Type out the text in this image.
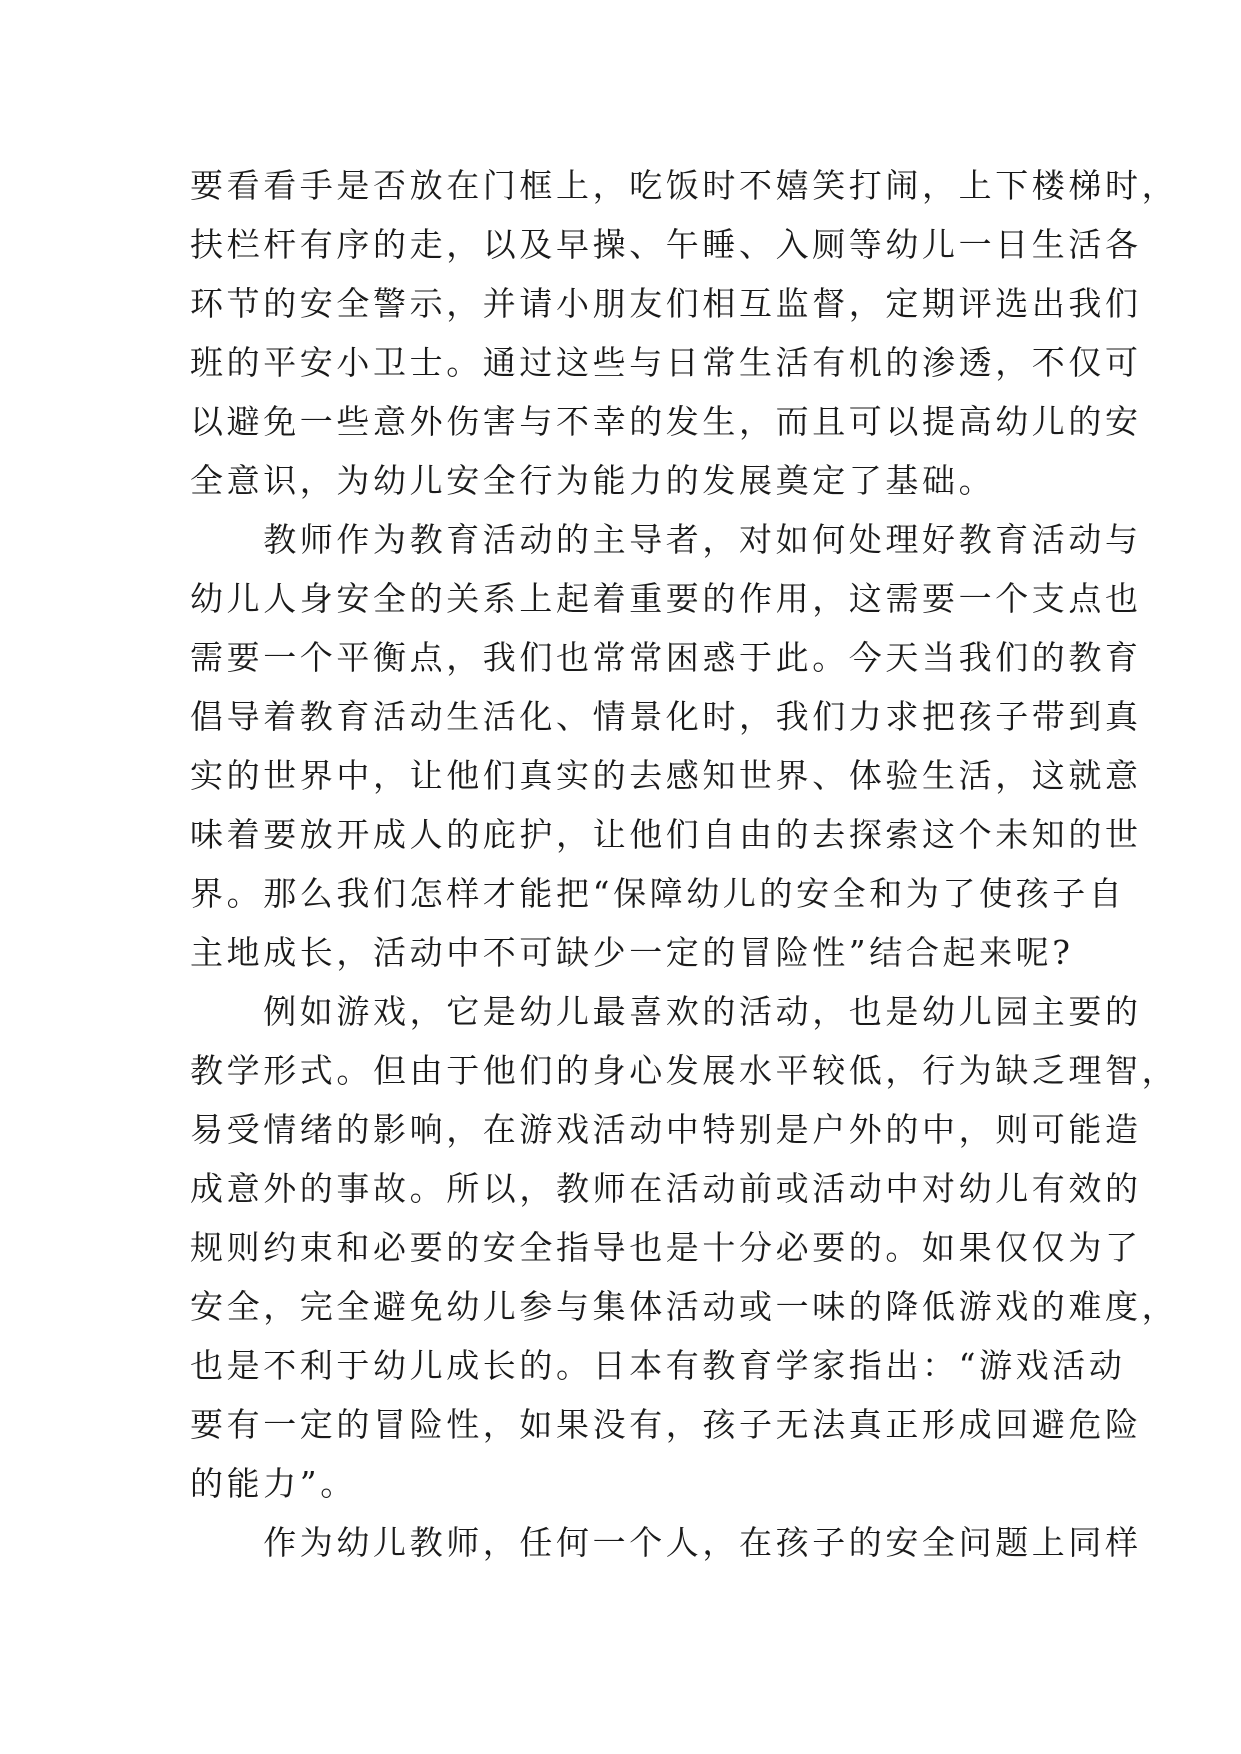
要看看手是否放在门框上，吃饭时不嬉笑打闹，上下楼梯时，
扶栏杆有序的走，以及早操、午睡、入厕等幼儿一日生活各
环节的安全警示，并请小朋友们相互监督，定期评选出我们
班的平安小卫士。通过这些与日常生活有机的渗透，不仅可
以避免一些意外伤害与不幸的发生，而且可以提高幼儿的安
全意识，为幼儿安全行为能力的发展奠定了基础。
　　教师作为教育活动的主导者，对如何处理好教育活动与
幼儿人身安全的关系上起着重要的作用，这需要一个支点也
需要一个平衡点，我们也常常困惑于此。今天当我们的教育
倡导着教育活动生活化、情景化时，我们力求把孩子带到真
实的世界中，让他们真实的去感知世界、体验生活，这就意
味着要放开成人的庇护，让他们自由的去探索这个未知的世
界。那么我们怎样才能把“保障幼儿的安全和为了使孩子自
主地成长，活动中不可缺少一定的冒险性”结合起来呢?
　　例如游戏，它是幼儿最喜欢的活动，也是幼儿园主要的
教学形式。但由于他们的身心发展水平较低，行为缺乏理智，
易受情绪的影响，在游戏活动中特别是户外的中，则可能造
成意外的事故。所以，教师在活动前或活动中对幼儿有效的
规则约束和必要的安全指导也是十分必要的。如果仅仅为了
安全，完全避免幼儿参与集体活动或一味的降低游戏的难度，
也是不利于幼儿成长的。日本有教育学家指出：“游戏活动
要有一定的冒险性，如果没有，孩子无法真正形成回避危险
的能力”。
　　作为幼儿教师，任何一个人，在孩子的安全问题上同样
